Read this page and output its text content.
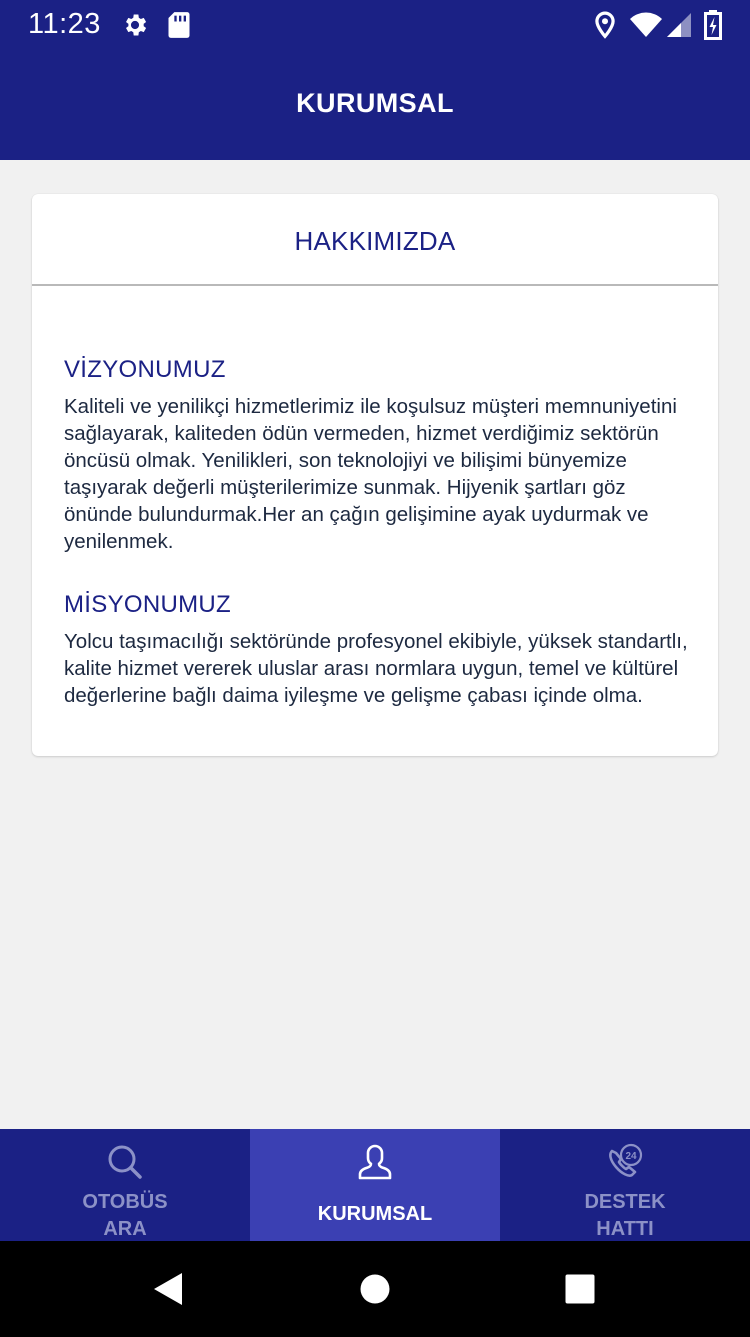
11:23
KURUMSAL
HAKKIMIZDA
VİZYONUMUZ
Kaliteli ve yenilikçi hizmetlerimiz ile koşulsuz müşteri memnuniyetini sağlayarak, kaliteden ödün vermeden, hizmet verdiğimiz sektörün öncüsü olmak. Yenilikleri, son teknolojiyi ve bilişimi bünyemize taşıyarak değerli müşterilerimize sunmak. Hijyenik şartları göz önünde bulundurmak.Her an çağın gelişimine ayak uydurmak ve yenilenmek.
MİSYONUMUZ
Yolcu taşımacılığı sektöründe profesyonel ekibiyle, yüksek standartlı, kalite hizmet vererek uluslar arası normlara uygun, temel ve kültürel değerlerine bağlı daima iyileşme ve gelişme çabası içinde olma.
OTOBÜS
ARA
KURUMSAL
24
DESTEK
HATTI
